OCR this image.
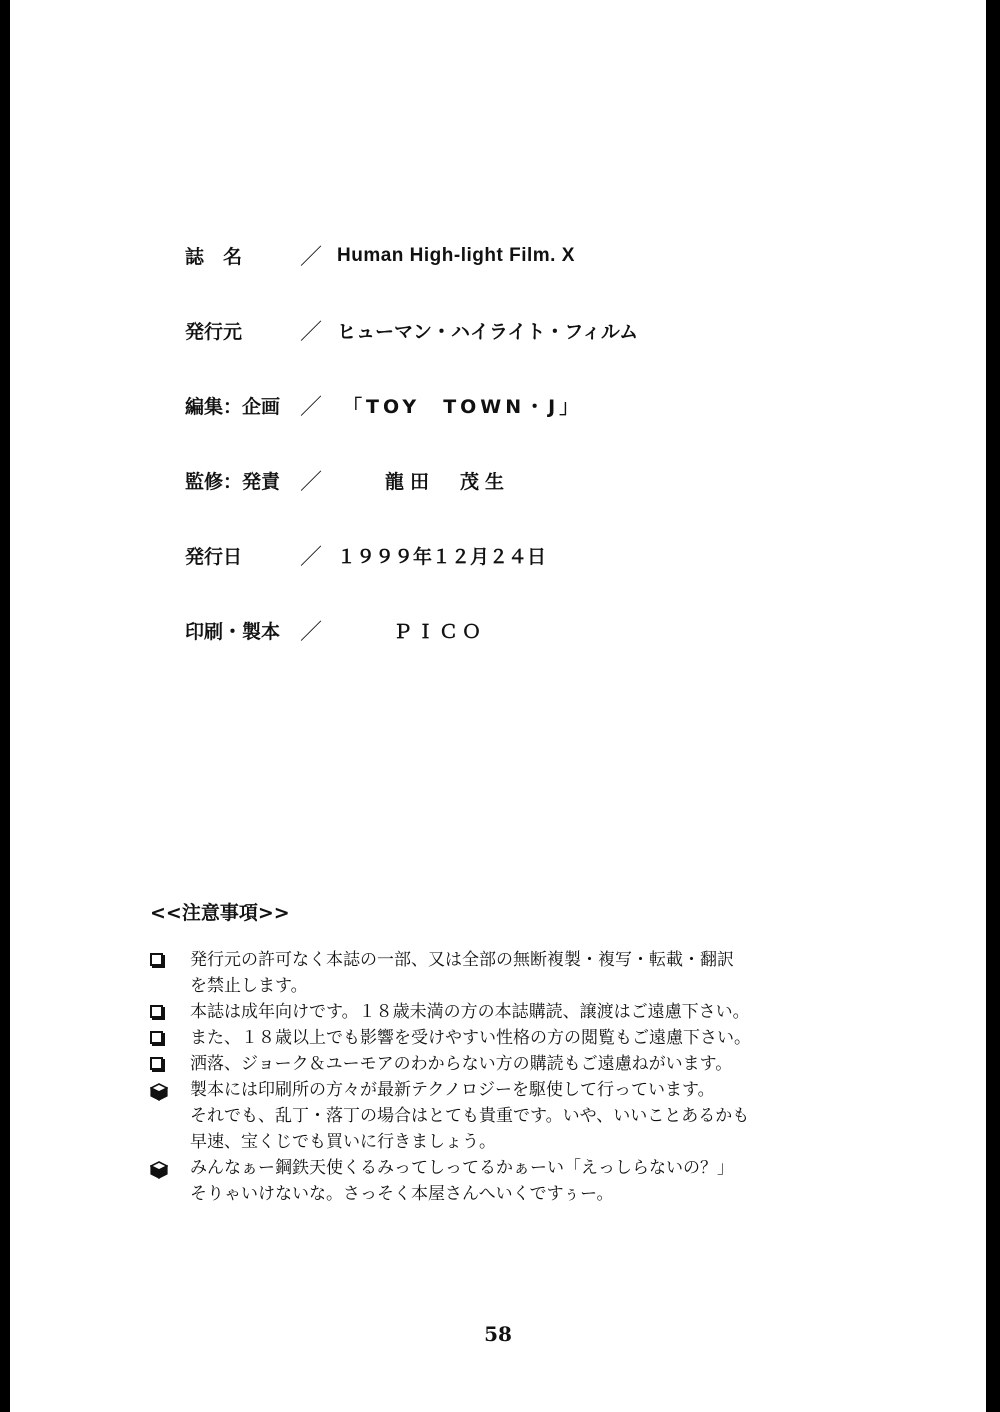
誌　名	／ Human High-light Film. X
発行元	／ ヒューマン・ハイライト・フィルム
編集：企画 ／	「TOY　TOWN・J」
監修：発責 ／	龍田　茂生
発行日	／ １９９９年１２月２４日
印刷・製本 ／	ＰＩＣＯ
<<注意事項>>
発行元の許可なく本誌の一部、又は全部の無断複製・複写・転載・翻訳
を禁止します。
本誌は成年向けです。１８歳未満の方の本誌購読、譲渡はご遠慮下さい。
また、１８歳以上でも影響を受けやすい性格の方の閲覧もご遠慮下さい。
洒落、ジョーク＆ユーモアのわからない方の購読もご遠慮ねがいます。
製本には印刷所の方々が最新テクノロジーを駆使して行っています。
それでも、乱丁・落丁の場合はとても貴重です。いや、いいことあるかも
早速、宝くじでも買いに行きましょう。
みんなぁー鋼鉄天使くるみってしってるかぁーい「えっしらないの？」
そりゃいけないな。さっそく本屋さんへいくですぅー。
58
